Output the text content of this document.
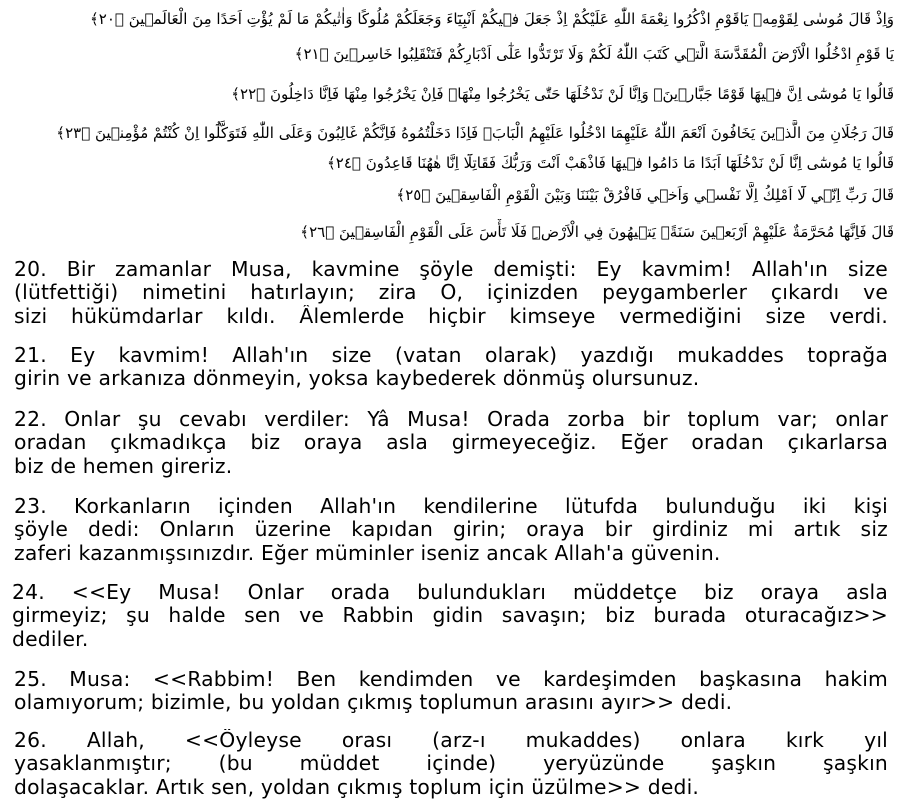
وَاِذْ قَالَ مُوسٰى لِقَوْمِه۪ يَاقَوْمِ اذْكُرُوا نِعْمَةَ اللّٰهِ عَلَيْكُمْ اِذْ جَعَلَ ف۪يكُمْ اَنْبِيَٓاءَ وَجَعَلَكُمْ مُلُوكًا وَاٰتٰيكُمْ مَا لَمْ يُؤْتِ اَحَدًا مِنَ الْعَالَم۪ينَ ﴿٢٠﴾
يَا قَوْمِ ادْخُلُوا الْاَرْضَ الْمُقَدَّسَةَ الَّت۪ي كَتَبَ اللّٰهُ لَكُمْ وَلَا تَرْتَدُّوا عَلٰٓى اَدْبَارِكُمْ فَتَنْقَلِبُوا خَاسِر۪ينَ ﴿٢١﴾
قَالُوا يَا مُوسٰٓى اِنَّ ف۪يهَا قَوْمًا جَبَّار۪ينَۗ وَاِنَّا لَنْ نَدْخُلَهَا حَتّٰى يَخْرُجُوا مِنْهَاۚ فَاِنْ يَخْرُجُوا مِنْهَا فَاِنَّا دَاخِلُونَ ﴿٢٢﴾
قَالَ رَجُلَانِ مِنَ الَّذ۪ينَ يَخَافُونَ اَنْعَمَ اللّٰهُ عَلَيْهِمَا ادْخُلُوا عَلَيْهِمُ الْبَابَۚ فَاِذَا دَخَلْتُمُوهُ فَاِنَّكُمْ غَالِبُونَ وَعَلَى اللّٰهِ فَتَوَكَّلُٓوا اِنْ كُنْتُمْ مُؤْمِن۪ينَ ﴿٢٣﴾
قَالُوا يَا مُوسٰٓى اِنَّا لَنْ نَدْخُلَهَٓا اَبَدًا مَا دَامُوا ف۪يهَا فَاذْهَبْ اَنْتَ وَرَبُّكَ فَقَاتِلَٓا اِنَّا هٰهُنَا قَاعِدُونَ ﴿٢٤﴾
قَالَ رَبِّ اِنّ۪ي لَٓا اَمْلِكُ اِلَّا نَفْس۪ي وَاَخ۪ي فَافْرُقْ بَيْنَنَا وَبَيْنَ الْقَوْمِ الْفَاسِق۪ينَ ﴿٢٥﴾
قَالَ فَاِنَّهَا مُحَرَّمَةٌ عَلَيْهِمْ اَرْبَع۪ينَ سَنَةًۚ يَت۪يهُونَ فِي الْاَرْضِۜ فَلَا تَأْسَ عَلَى الْقَوْمِ الْفَاسِق۪ينَ ﴿٢٦﴾
20. Bir zamanlar Musa, kavmine şöyle demişti: Ey kavmim! Allah'ın size
(lütfettiği) nimetini hatırlayın; zira O, içinizden peygamberler çıkardı ve
sizi hükümdarlar kıldı. Âlemlerde hiçbir kimseye vermediğini size verdi.
21. Ey kavmim! Allah'ın size (vatan olarak) yazdığı mukaddes toprağa
girin ve arkanıza dönmeyin, yoksa kaybederek dönmüş olursunuz.
22. Onlar şu cevabı verdiler: Yâ Musa! Orada zorba bir toplum var; onlar
oradan çıkmadıkça biz oraya asla girmeyeceğiz. Eğer oradan çıkarlarsa
biz de hemen gireriz.
23. Korkanların içinden Allah'ın kendilerine lütufda bulunduğu iki kişi
şöyle dedi: Onların üzerine kapıdan girin; oraya bir girdiniz mi artık siz
zaferi kazanmışsınızdır. Eğer müminler iseniz ancak Allah'a güvenin.
24. <<Ey Musa! Onlar orada bulundukları müddetçe biz oraya asla
girmeyiz; şu halde sen ve Rabbin gidin savaşın; biz burada oturacağız>>
dediler.
25. Musa: <<Rabbim! Ben kendimden ve kardeşimden başkasına hakim
olamıyorum; bizimle, bu yoldan çıkmış toplumun arasını ayır>> dedi.
26. Allah, <<Öyleyse orası (arz-ı mukaddes) onlara kırk yıl
yasaklanmıştır; (bu müddet içinde) yeryüzünde şaşkın şaşkın
dolaşacaklar. Artık sen, yoldan çıkmış toplum için üzülme>> dedi.
